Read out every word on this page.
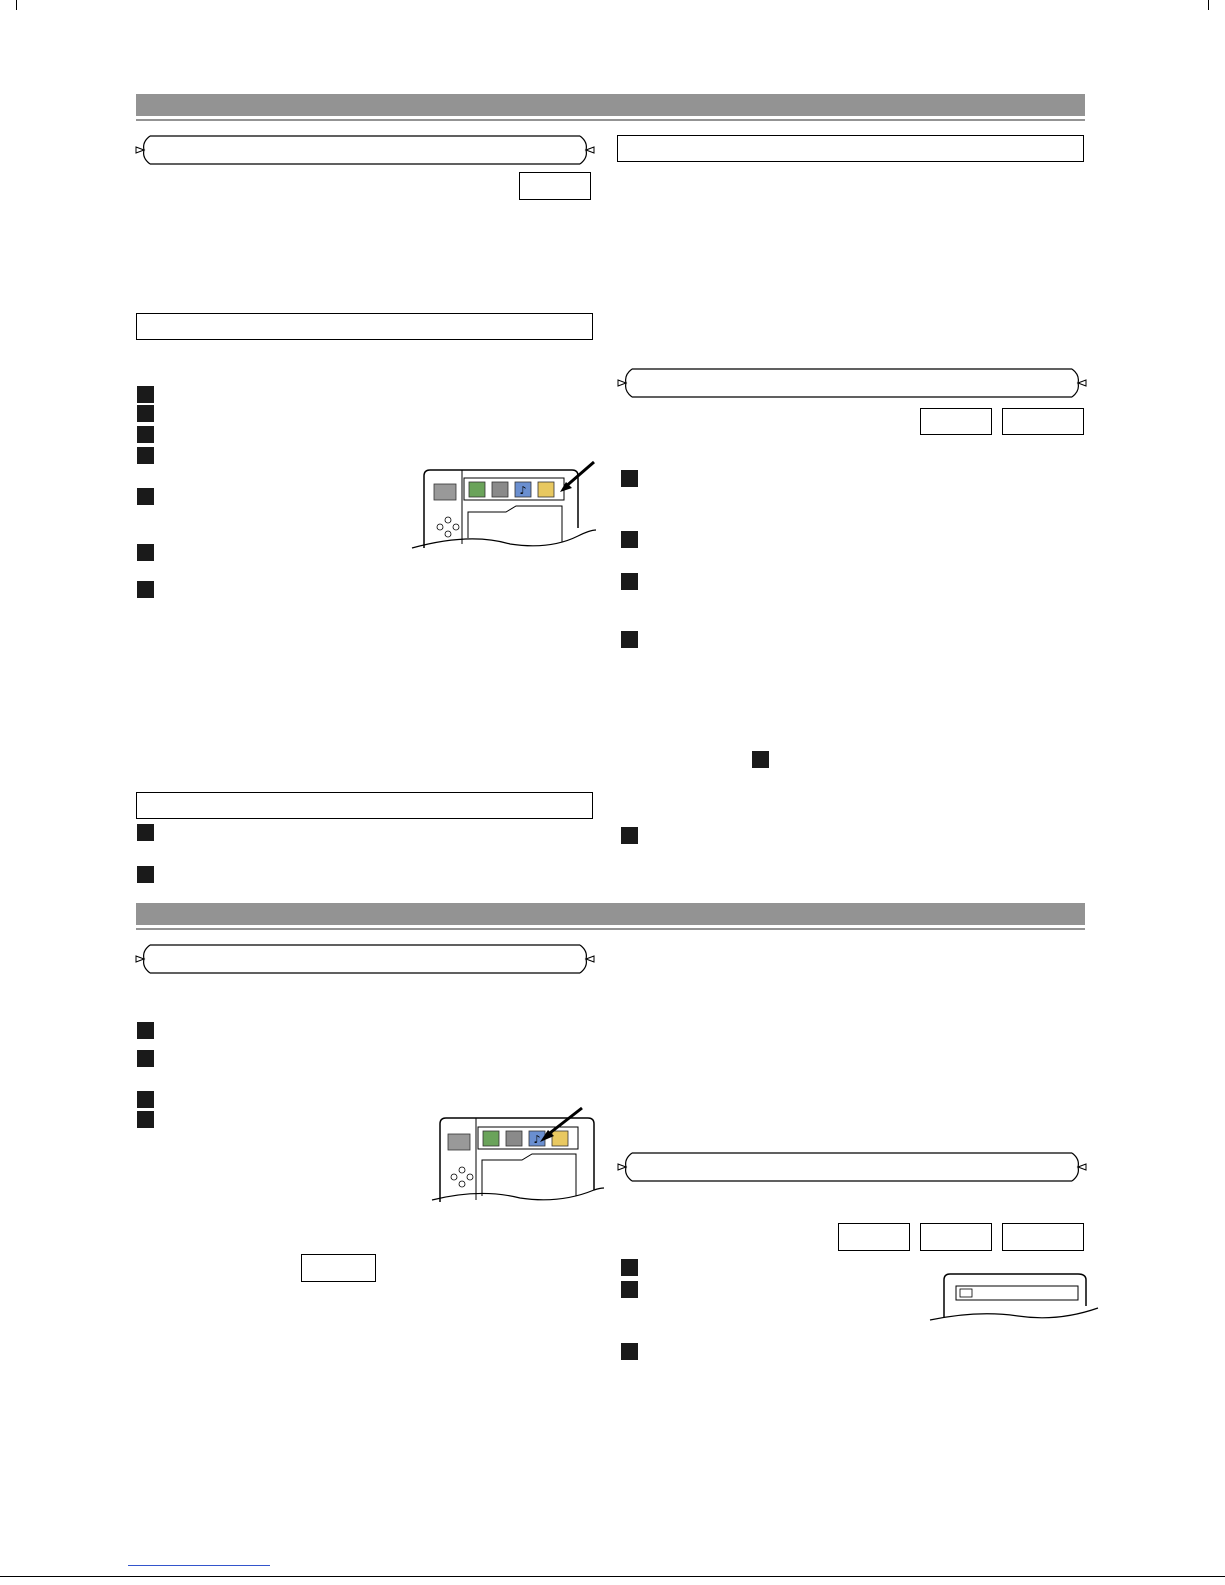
♪
♪
